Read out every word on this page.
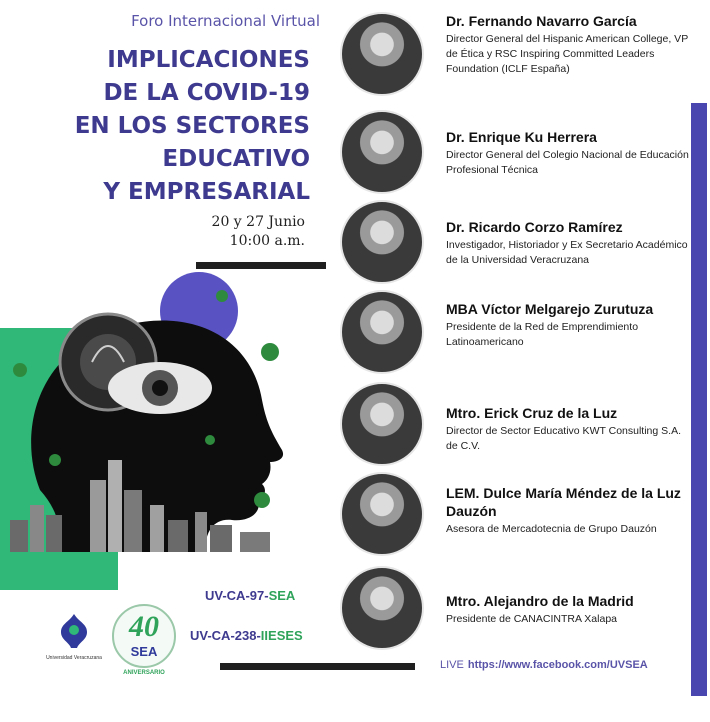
Foro Internacional Virtual
IMPLICACIONES
DE LA COVID-19
EN LOS SECTORES
EDUCATIVO
Y EMPRESARIAL
20 y 27 Junio
10:00 a.m.
UV-CA-97-SEA
UV-CA-238-IIESES
Universidad Veracruzana
40
SEA
ANIVERSARIO
Dr. Fernando Navarro García
Director General del Hispanic American College, VP de Ética y RSC Inspiring Committed Leaders Foundation (ICLF España)
Dr. Enrique Ku Herrera
Director General del Colegio Nacional de Educación Profesional Técnica
Dr. Ricardo Corzo Ramírez
Investigador, Historiador y Ex Secretario Académico de la Universidad Veracruzana
MBA Víctor Melgarejo Zurutuza
Presidente de la Red de Emprendimiento Latinoamericano
Mtro. Erick Cruz de la Luz
Director de Sector Educativo KWT Consulting S.A. de C.V.
LEM. Dulce María Méndez de la Luz Dauzón
Asesora de Mercadotecnia de Grupo Dauzón
Mtro. Alejandro de la Madrid
Presidente de CANACINTRA Xalapa
LIVE https://www.facebook.com/UVSEA
